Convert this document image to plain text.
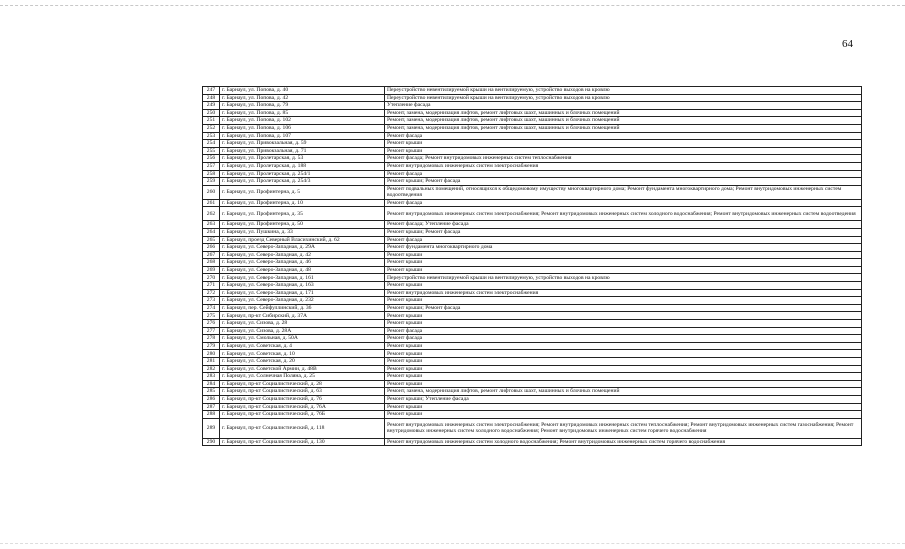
64
247	г. Барнаул, ул. Попова, д. 40	Переустройство невентилируемой крыши на вентилируемую, устройство выходов на кровлю
248	г. Барнаул, ул. Попова, д. 42	Переустройство невентилируемой крыши на вентилируемую, устройство выходов на кровлю
249	г. Барнаул, ул. Попова, д. 79	Утепление фасада
250	г. Барнаул, ул. Попова, д. 85	Ремонт, замена, модернизация лифтов, ремонт лифтовых шахт, машинных и блочных помещений
251	г. Барнаул, ул. Попова, д. 102	Ремонт, замена, модернизация лифтов, ремонт лифтовых шахт, машинных и блочных помещений
252	г. Барнаул, ул. Попова, д. 106	Ремонт, замена, модернизация лифтов, ремонт лифтовых шахт, машинных и блочных помещений
253	г. Барнаул, ул. Попова, д. 107	Ремонт фасада
254	г. Барнаул, ул. Привокзальная, д. 59	Ремонт крыши
255	г. Барнаул, ул. Привокзальная, д. 71	Ремонт крыши
256	г. Барнаул, ул. Пролетарская, д. 53	Ремонт фасада; Ремонт внутридомовых инженерных систем теплоснабжения
257	г. Барнаул, ул. Пролетарская, д. 188	Ремонт внутридомовых инженерных систем электроснабжения
258	г. Барнаул, ул. Пролетарская, д. 254/1	Ремонт фасада
259	г. Барнаул, ул. Пролетарская, д. 254/3	Ремонт крыши; Ремонт фасада
260	г. Барнаул, ул. Профинтерна, д. 5	Ремонт подвальных помещений, относящихся к общедомовому имуществу многоквартирного дома; Ремонт фундамента многоквартирного дома; Ремонт внутридомовых инженерных систем водоотведения
261	г. Барнаул, ул. Профинтерна, д. 10	Ремонт фасада
262	г. Барнаул, ул. Профинтерна, д. 35	Ремонт внутридомовых инженерных систем электроснабжения; Ремонт внутридомовых инженерных систем холодного водоснабжения; Ремонт внутридомовых инженерных систем водоотведения
263	г. Барнаул, ул. Профинтерна, д. 50	Ремонт фасада; Утепление фасада
264	г. Барнаул, ул. Пушкина, д. 33	Ремонт крыши; Ремонт фасада
265	г. Барнаул, проезд Северный Власихинский, д. 62	Ремонт фасада
266	г. Барнаул, ул. Северо-Западная, д. 29А	Ремонт фундамента многоквартирного дома
267	г. Барнаул, ул. Северо-Западная, д. 42	Ремонт крыши
268	г. Барнаул, ул. Северо-Западная, д. 46	Ремонт крыши
269	г. Барнаул, ул. Северо-Западная, д. 48	Ремонт крыши
270	г. Барнаул, ул. Северо-Западная, д. 161	Переустройство невентилируемой крыши на вентилируемую, устройство выходов на кровлю
271	г. Барнаул, ул. Северо-Западная, д. 163	Ремонт крыши
272	г. Барнаул, ул. Северо-Западная, д. 171	Ремонт внутридомовых инженерных систем электроснабжения
273	г. Барнаул, ул. Северо-Западная, д. 232	Ремонт крыши
274	г. Барнаул, пер. Сейфуллинский, д. 36	Ремонт крыши; Ремонт фасада
275	г. Барнаул, пр-кт Сибирский, д. 37А	Ремонт крыши
276	г. Барнаул, ул. Сизова, д. 28	Ремонт крыши
277	г. Барнаул, ул. Сизова, д. 28А	Ремонт фасада
278	г. Барнаул, ул. Смольная, д. 50А	Ремонт фасада
279	г. Барнаул, ул. Советская, д. 4	Ремонт крыши
280	г. Барнаул, ул. Советская, д. 10	Ремонт крыши
281	г. Барнаул, ул. Советская, д. 20	Ремонт крыши
282	г. Барнаул, ул. Советской Армии, д. 48В	Ремонт крыши
283	г. Барнаул, ул. Солнечная Поляна, д. 25	Ремонт крыши
284	г. Барнаул, пр-кт Социалистический, д. 28	Ремонт крыши
285	г. Барнаул, пр-кт Социалистический, д. 63	Ремонт, замена, модернизация лифтов, ремонт лифтовых шахт, машинных и блочных помещений
286	г. Барнаул, пр-кт Социалистический, д. 76	Ремонт крыши; Утепление фасада
287	г. Барнаул, пр-кт Социалистический, д. 76А	Ремонт крыши
288	г. Барнаул, пр-кт Социалистический, д. 76Б	Ремонт крыши
289	г. Барнаул, пр-кт Социалистический, д. 118	Ремонт внутридомовых инженерных систем электроснабжения; Ремонт внутридомовых инженерных систем теплоснабжения; Ремонт внутридомовых инженерных систем газоснабжения; Ремонт внутридомовых инженерных систем холодного водоснабжения; Ремонт внутридомовых инженерных систем горячего водоснабжения
290	г. Барнаул, пр-кт Социалистический, д. 130	Ремонт внутридомовых инженерных систем холодного водоснабжения; Ремонт внутридомовых инженерных систем горячего водоснабжения
